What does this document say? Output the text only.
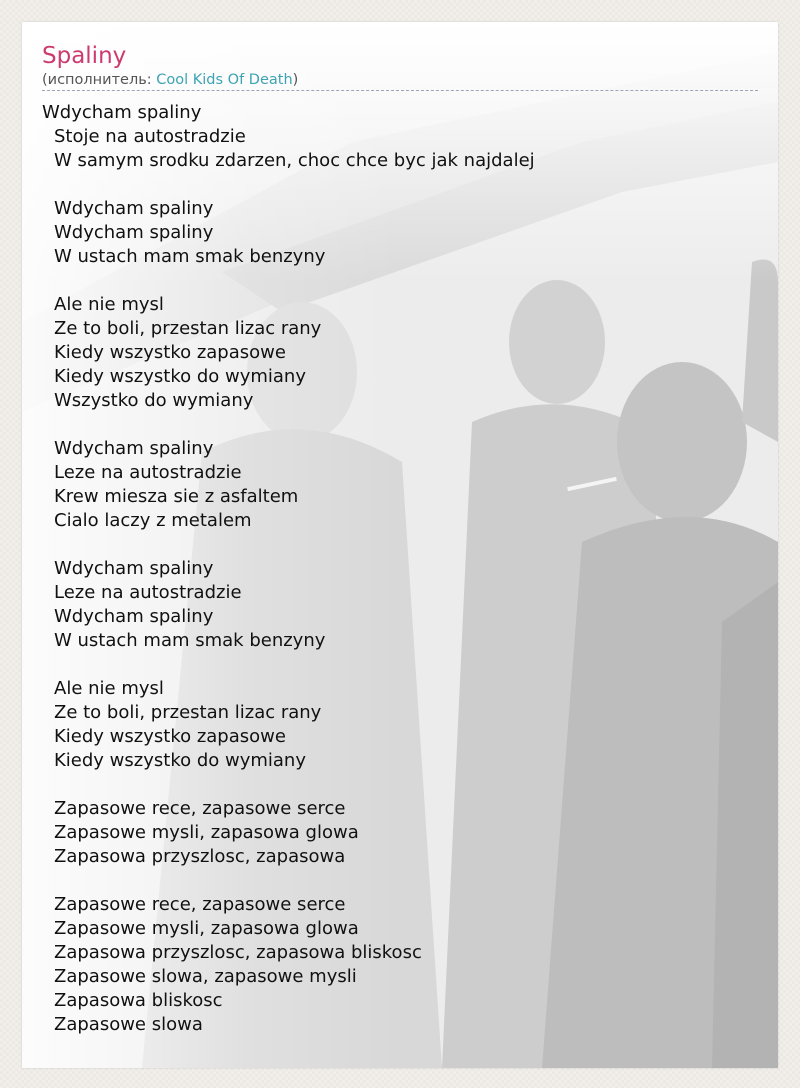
Spaliny
(исполнитель: Cool Kids Of Death)
Wdycham spaliny
Stoje na autostradzie
W samym srodku zdarzen, choc chce byc jak najdalej
Wdycham spaliny
Wdycham spaliny
W ustach mam smak benzyny
Ale nie mysl
Ze to boli, przestan lizac rany
Kiedy wszystko zapasowe
Kiedy wszystko do wymiany
Wszystko do wymiany
Wdycham spaliny
Leze na autostradzie
Krew miesza sie z asfaltem
Cialo laczy z metalem
Wdycham spaliny
Leze na autostradzie
Wdycham spaliny
W ustach mam smak benzyny
Ale nie mysl
Ze to boli, przestan lizac rany
Kiedy wszystko zapasowe
Kiedy wszystko do wymiany
Zapasowe rece, zapasowe serce
Zapasowe mysli, zapasowa glowa
Zapasowa przyszlosc, zapasowa
Zapasowe rece, zapasowe serce
Zapasowe mysli, zapasowa glowa
Zapasowa przyszlosc, zapasowa bliskosc
Zapasowe slowa, zapasowe mysli
Zapasowa bliskosc
Zapasowe slowa
